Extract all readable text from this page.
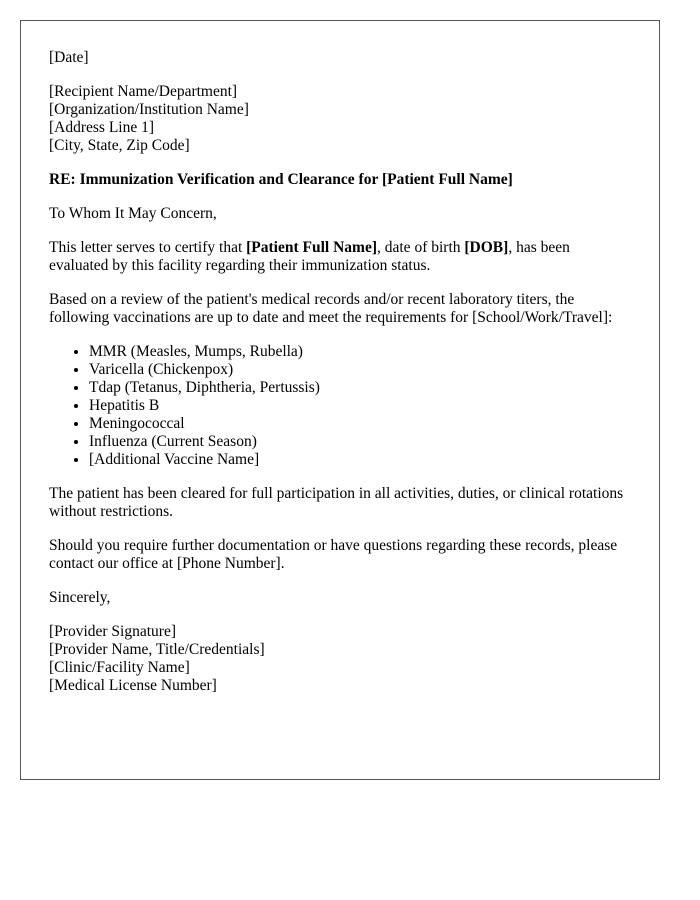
[Date]
[Recipient Name/Department]
[Organization/Institution Name]
[Address Line 1]
[City, State, Zip Code]
RE: Immunization Verification and Clearance for [Patient Full Name]

To Whom It May Concern,

This letter serves to certify that [Patient Full Name], date of birth [DOB], has been evaluated by this facility regarding their immunization status.

Based on a review of the patient's medical records and/or recent laboratory titers, the following vaccinations are up to date and meet the requirements for [School/Work/Travel]:

• MMR (Measles, Mumps, Rubella)
• Varicella (Chickenpox)
• Tdap (Tetanus, Diphtheria, Pertussis)
• Hepatitis B
• Meningococcal
• Influenza (Current Season)
• [Additional Vaccine Name]

The patient has been cleared for full participation in all activities, duties, or clinical rotations without restrictions.

Should you require further documentation or have questions regarding these records, please contact our office at [Phone Number].

Sincerely,

[Provider Signature]
[Provider Name, Title/Credentials]
[Clinic/Facility Name]
[Medical License Number]
